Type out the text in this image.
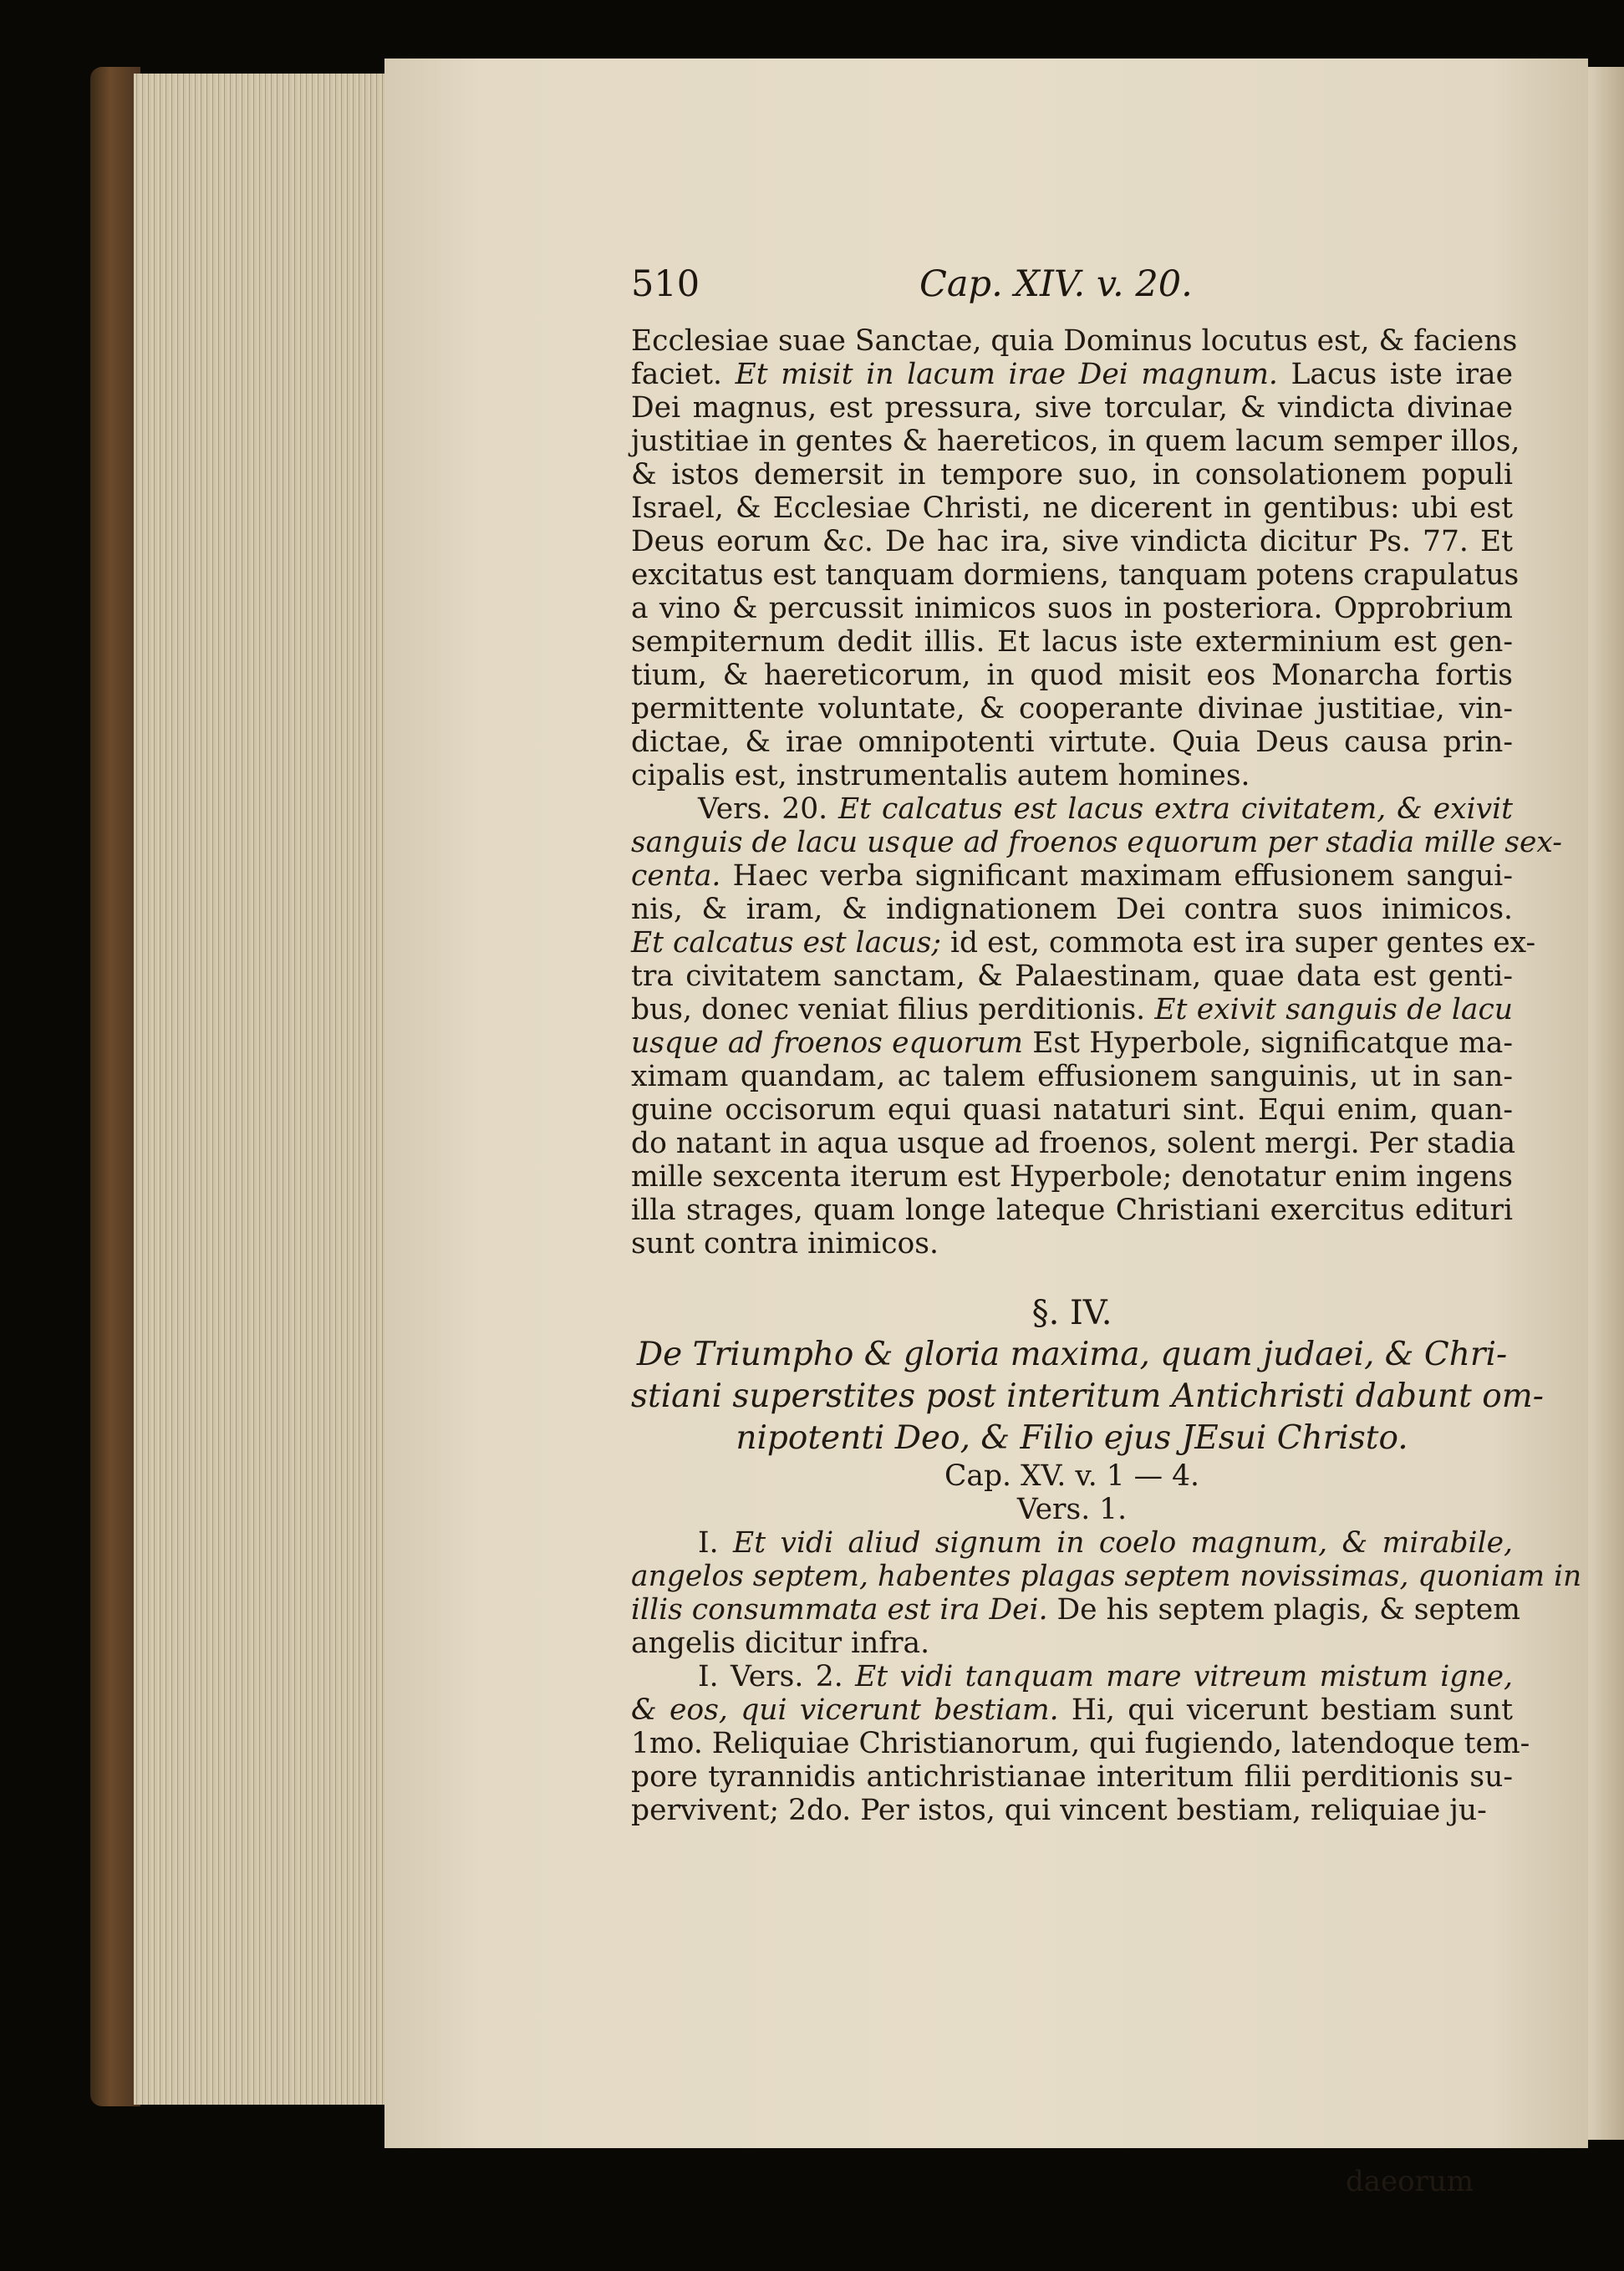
510	Cap. XIV. v. 20.
Ecclesiae suae Sanctae, quia Dominus locutus est, & faciens
faciet. Et misit in lacum irae Dei magnum. Lacus iste irae
Dei magnus, est pressura, sive torcular, & vindicta divinae
justitiae in gentes & haereticos, in quem lacum semper illos,
& istos demersit in tempore suo, in consolationem populi
Israel, & Ecclesiae Christi, ne dicerent in gentibus: ubi est
Deus eorum &c. De hac ira, sive vindicta dicitur Ps. 77. Et
excitatus est tanquam dormiens, tanquam potens crapulatus
a vino & percussit inimicos suos in posteriora. Opprobrium
sempiternum dedit illis. Et lacus iste exterminium est gen-
tium, & haereticorum, in quod misit eos Monarcha fortis
permittente voluntate, & cooperante divinae justitiae, vin-
dictae, & irae omnipotenti virtute. Quia Deus causa prin-
cipalis est, instrumentalis autem homines.
Vers. 20. Et calcatus est lacus extra civitatem, & exivit
sanguis de lacu usque ad froenos equorum per stadia mille sex-
centa. Haec verba significant maximam effusionem sangui-
nis, & iram, & indignationem Dei contra suos inimicos.
Et calcatus est lacus; id est, commota est ira super gentes ex-
tra civitatem sanctam, & Palaestinam, quae data est genti-
bus, donec veniat filius perditionis. Et exivit sanguis de lacu
usque ad froenos equorum Est Hyperbole, significatque ma-
ximam quandam, ac talem effusionem sanguinis, ut in san-
guine occisorum equi quasi nataturi sint. Equi enim, quan-
do natant in aqua usque ad froenos, solent mergi. Per stadia
mille sexcenta iterum est Hyperbole; denotatur enim ingens
illa strages, quam longe lateque Christiani exercitus edituri
sunt contra inimicos.
§. IV.
De Triumpho & gloria maxima, quam judaei, & Chri-
stiani superstites post interitum Antichristi dabunt om-
nipotenti Deo, & Filio ejus JEsui Christo.
Cap. XV. v. 1 — 4.
Vers. 1.
I. Et vidi aliud signum in coelo magnum, & mirabile,
angelos septem, habentes plagas septem novissimas, quoniam in
illis consummata est ira Dei. De his septem plagis, & septem
angelis dicitur infra.
I. Vers. 2. Et vidi tanquam mare vitreum mistum igne,
& eos, qui vicerunt bestiam. Hi, qui vicerunt bestiam sunt
1mo. Reliquiae Christianorum, qui fugiendo, latendoque tem-
pore tyrannidis antichristianae interitum filii perditionis su-
pervivent; 2do. Per istos, qui vincent bestiam, reliquiae ju-
daeorum
